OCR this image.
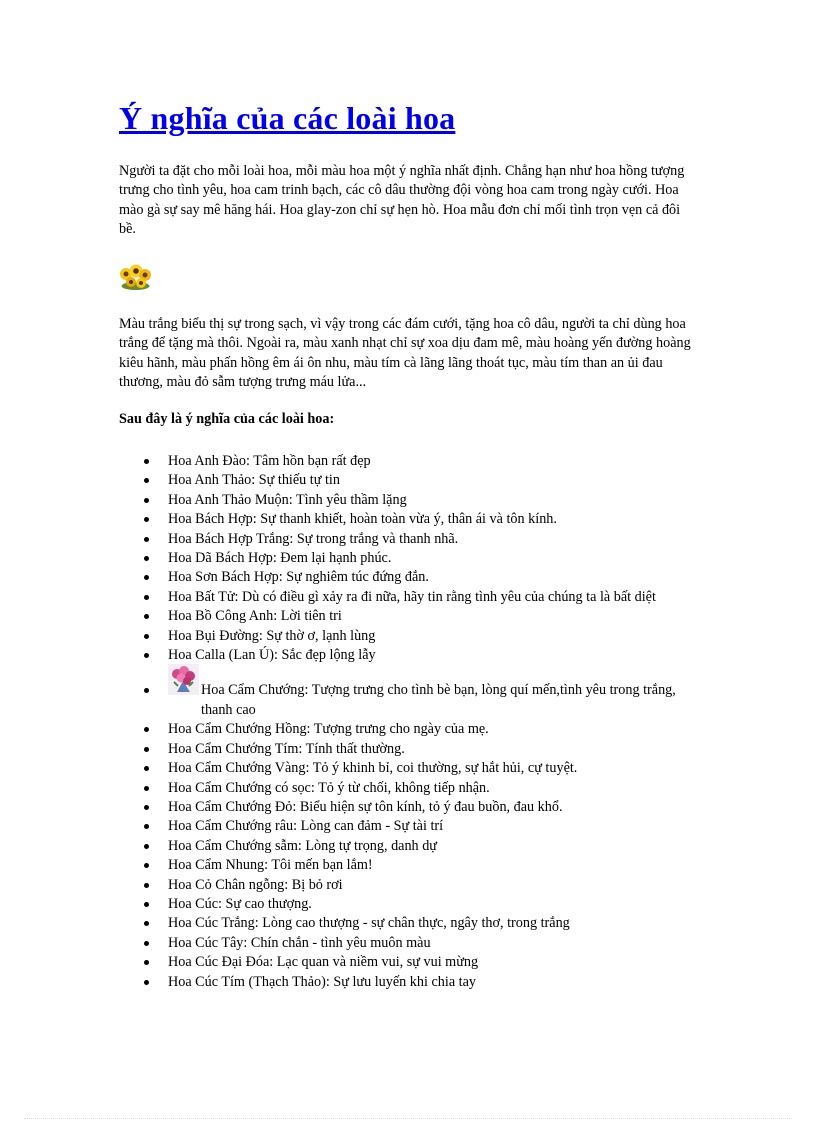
Ý nghĩa của các loài hoa

Người ta đặt cho mỗi loài hoa, mỗi màu hoa một ý nghĩa nhất định. Chẳng hạn như hoa hồng tượng trưng cho tình yêu, hoa cam trinh bạch, các cô dâu thường đội vòng hoa cam trong ngày cưới. Hoa mào gà sự say mê hăng hái. Hoa glay-zon chỉ sự hẹn hò. Hoa mẫu đơn chỉ mối tình trọn vẹn cả đôi bề.

Màu trắng biểu thị sự trong sạch, vì vậy trong các đám cưới, tặng hoa cô dâu, người ta chỉ dùng hoa trắng để tặng mà thôi. Ngoài ra, màu xanh nhạt chỉ sự xoa dịu đam mê, màu hoàng yến đường hoàng kiêu hãnh, màu phấn hồng êm ái ôn nhu, màu tím cà lãng lãng thoát tục, màu tím than an ủi đau thương, màu đỏ sẫm tượng trưng máu lửa...

Sau đây là ý nghĩa của các loài hoa:

Hoa Anh Đào: Tâm hồn bạn rất đẹp
Hoa Anh Thảo: Sự thiếu tự tin
Hoa Anh Thảo Muộn: Tình yêu thầm lặng
Hoa Bách Hợp: Sự thanh khiết, hoàn toàn vừa ý, thân ái và tôn kính.
Hoa Bách Hợp Trắng: Sự trong trắng và thanh nhã.
Hoa Dã Bách Hợp: Đem lại hạnh phúc.
Hoa Sơn Bách Hợp: Sự nghiêm túc đứng đắn.
Hoa Bất Tử: Dù có điều gì xảy ra đi nữa, hãy tin rằng tình yêu của chúng ta là bất diệt
Hoa Bồ Công Anh: Lời tiên tri
Hoa Bụi Đường: Sự thờ ơ, lạnh lùng
Hoa Calla (Lan Ú): Sắc đẹp lộng lẫy
Hoa Cẩm Chướng: Tượng trưng cho tình bè bạn, lòng quí mến,tình yêu trong trắng, thanh cao
Hoa Cẩm Chướng Hồng: Tượng trưng cho ngày của mẹ.
Hoa Cẩm Chướng Tím: Tính thất thường.
Hoa Cẩm Chướng Vàng: Tỏ ý khinh bỉ, coi thường, sự hắt hủi, cự tuyệt.
Hoa Cẩm Chướng có sọc: Tỏ ý từ chối, không tiếp nhận.
Hoa Cẩm Chướng Đỏ: Biểu hiện sự tôn kính, tỏ ý đau buồn, đau khổ.
Hoa Cẩm Chướng râu: Lòng can đảm - Sự tài trí
Hoa Cẩm Chướng sẫm: Lòng tự trọng, danh dự
Hoa Cẩm Nhung: Tôi mến bạn lắm!
Hoa Cỏ Chân ngỗng: Bị bỏ rơi
Hoa Cúc: Sự cao thượng.
Hoa Cúc Trắng: Lòng cao thượng - sự chân thực, ngây thơ, trong trắng
Hoa Cúc Tây: Chín chắn - tình yêu muôn màu
Hoa Cúc Đại Đóa: Lạc quan và niềm vui, sự vui mừng
Hoa Cúc Tím (Thạch Thảo): Sự lưu luyến khi chia tay
